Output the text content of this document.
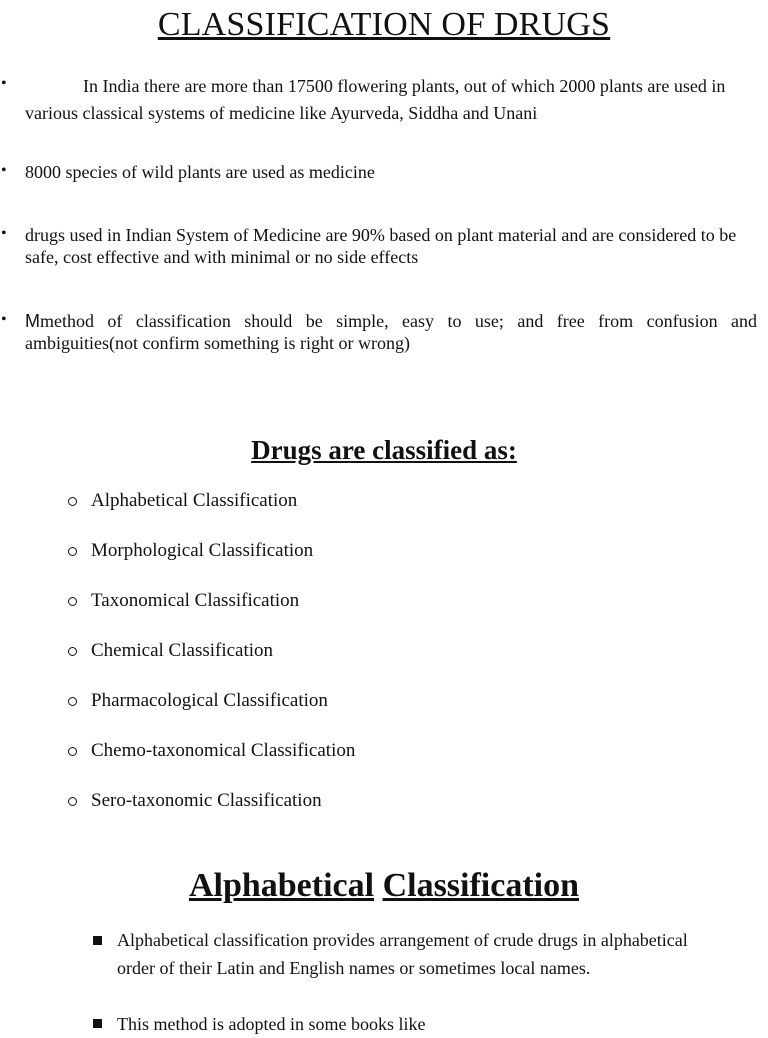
CLASSIFICATION OF DRUGS
•	In India there are more than 17500 flowering plants, out of which 2000 plants are used in various classical systems of medicine like Ayurveda, Siddha and Unani
• 8000 species of wild plants are used as medicine
• drugs used in Indian System of Medicine are 90% based on plant material and are considered to be safe, cost effective and with minimal or no side effects
• Mmethod of classification should be simple, easy to use; and free from confusion and ambiguities(not confirm something is right or wrong)
Drugs are classified as:
Alphabetical Classification
Morphological Classification
Taxonomical Classification
Chemical Classification
Pharmacological Classification
Chemo-taxonomical Classification
Sero-taxonomic Classification
Alphabetical Classification
Alphabetical classification provides arrangement of crude drugs in alphabetical
order of their Latin and English names or sometimes local names.
This method is adopted in some books like
